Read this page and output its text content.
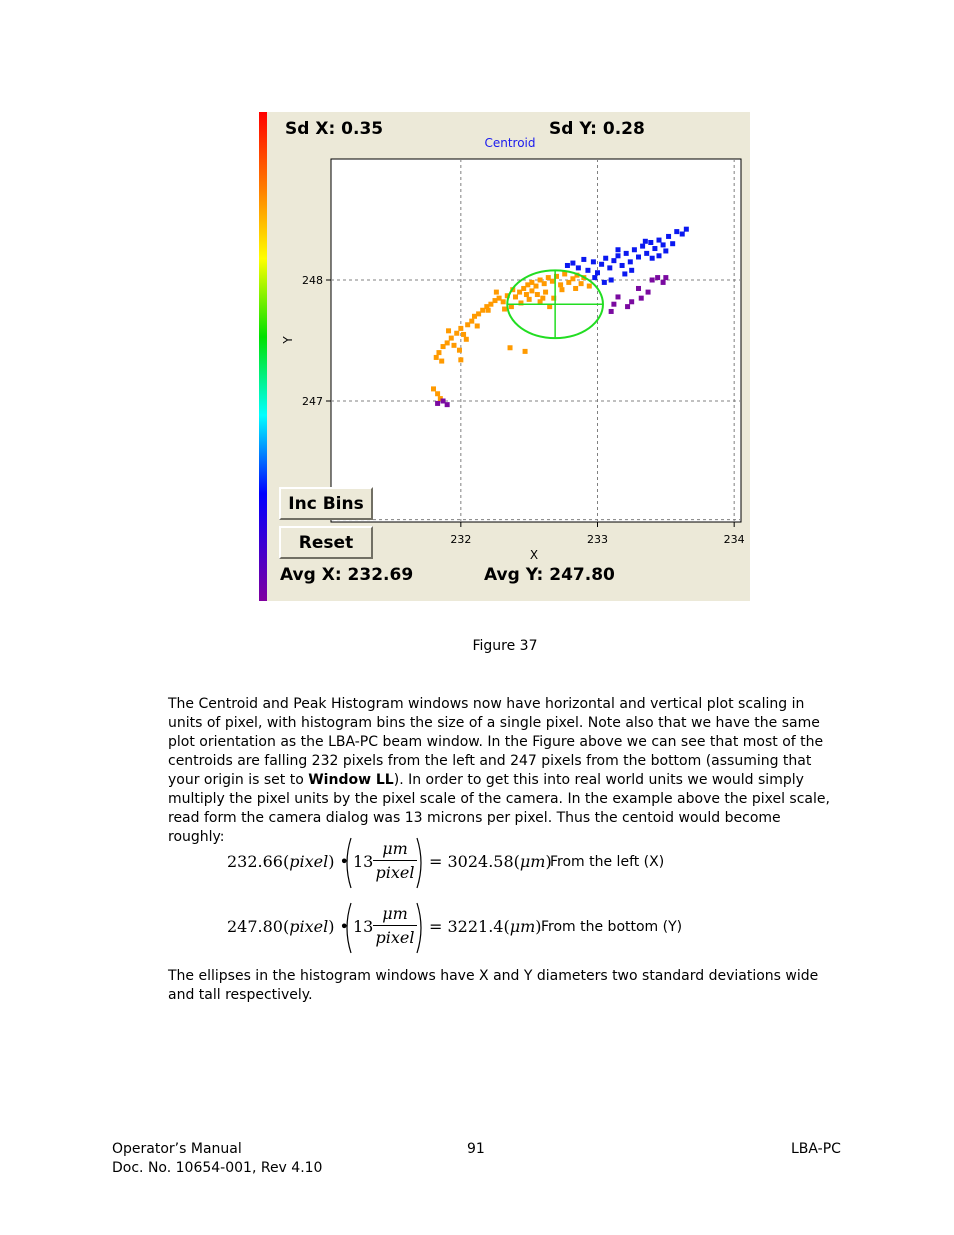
232	233	234
247
248
Centroid
X
Y
Sd X: 0.35	Sd Y: 0.28
Inc Bins
Reset
Avg X: 232.69	Avg Y: 247.80
Figure 37
The Centroid and Peak Histogram windows now have horizontal and vertical plot scaling in units of pixel, with histogram bins the size of a single pixel. Note also that we have the same plot orientation as the LBA-PC beam window. In the Figure above we can see that most of the centroids are falling 232 pixels from the left and 247 pixels from the bottom (assuming that your origin is set to Window LL). In order to get this into real world units we would simply multiply the pixel units by the pixel scale of the camera. In the example above the pixel scale, read form the camera dialog was 13 microns per pixel. Thus the centoid would become roughly:
232.66(pixel) • 13
μm
pixel
= 3024.58(μm)
From the left (X)
247.80(pixel) • 13
μm
pixel
= 3221.4(μm) From the bottom (Y)
The ellipses in the histogram windows have X and Y diameters two standard deviations wide and tall respectively.
Operator’s Manual
Doc. No. 10654-001, Rev 4.10
91	LBA-PC
